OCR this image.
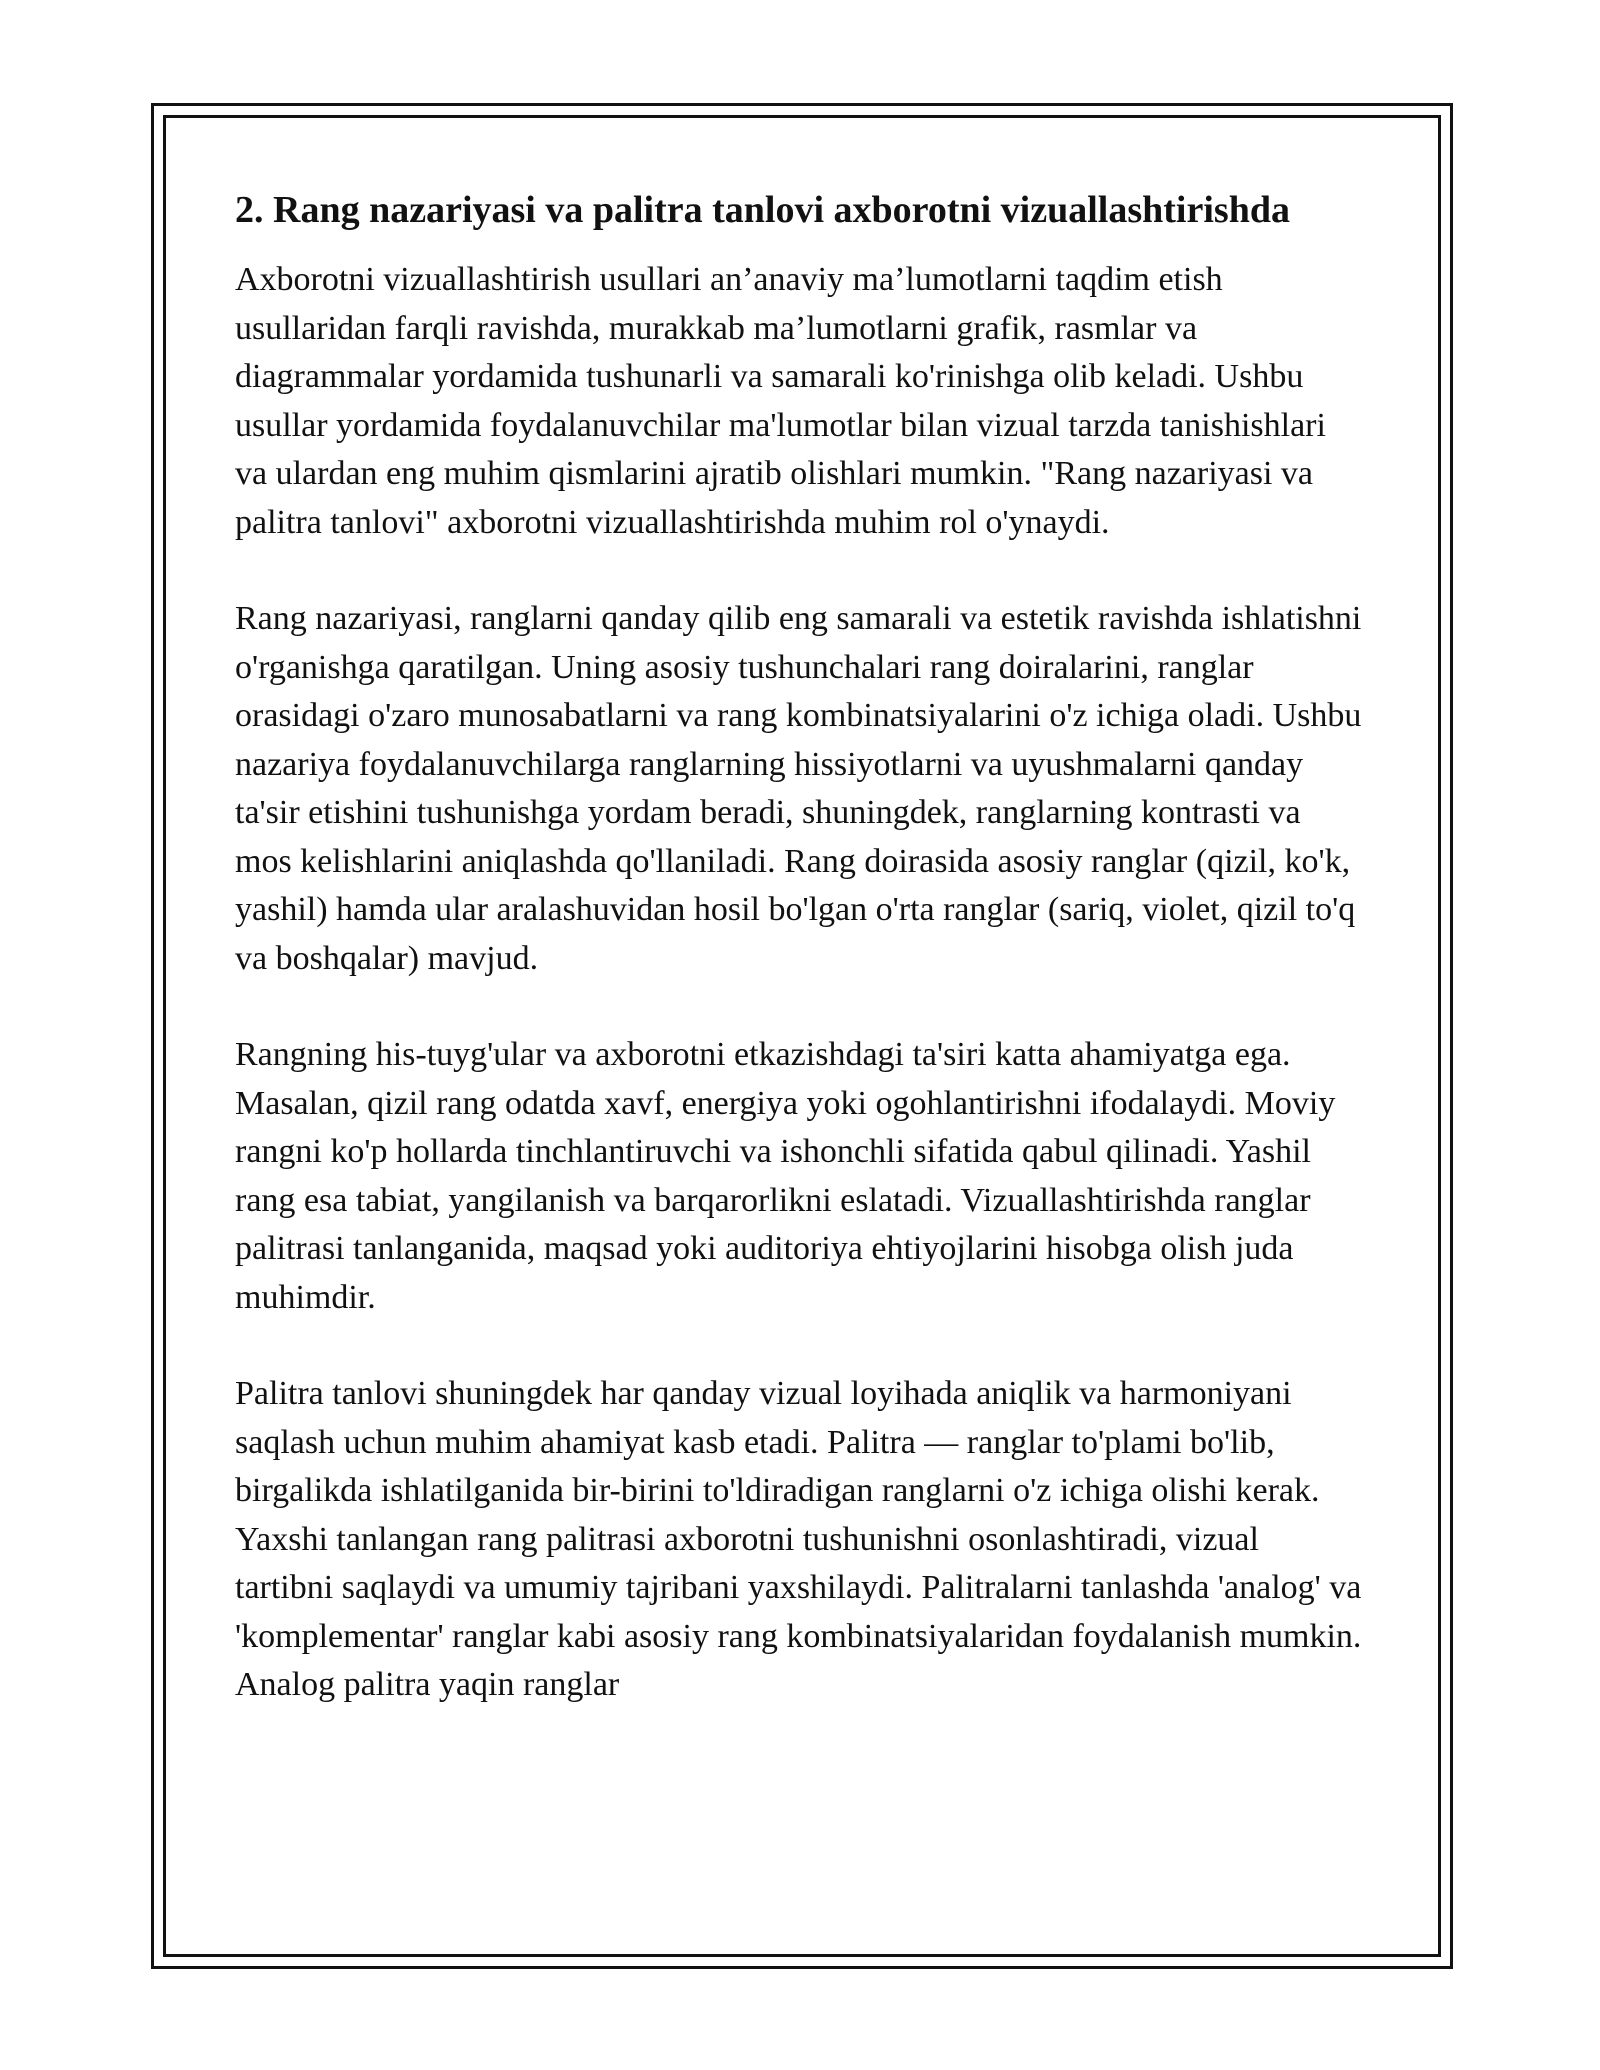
2. Rang nazariyasi va palitra tanlovi axborotni vizuallashtirishda

Axborotni vizuallashtirish usullari an’anaviy ma’lumotlarni taqdim etish usullaridan farqli ravishda, murakkab ma’lumotlarni grafik, rasmlar va diagrammalar yordamida tushunarli va samarali ko'rinishga olib keladi. Ushbu usullar yordamida foydalanuvchilar ma'lumotlar bilan vizual tarzda tanishishlari va ulardan eng muhim qismlarini ajratib olishlari mumkin. "Rang nazariyasi va palitra tanlovi" axborotni vizuallashtirishda muhim rol o'ynaydi.

Rang nazariyasi, ranglarni qanday qilib eng samarali va estetik ravishda ishlatishni o'rganishga qaratilgan. Uning asosiy tushunchalari rang doiralarini, ranglar orasidagi o'zaro munosabatlarni va rang kombinatsiyalarini o'z ichiga oladi. Ushbu nazariya foydalanuvchilarga ranglarning hissiyotlarni va uyushmalarni qanday ta'sir etishini tushunishga yordam beradi, shuningdek, ranglarning kontrasti va mos kelishlarini aniqlashda qo'llaniladi. Rang doirasida asosiy ranglar (qizil, ko'k, yashil) hamda ular aralashuvidan hosil bo'lgan o'rta ranglar (sariq, violet, qizil to'q va boshqalar) mavjud.

Rangning his-tuyg'ular va axborotni etkazishdagi ta'siri katta ahamiyatga ega. Masalan, qizil rang odatda xavf, energiya yoki ogohlantirishni ifodalaydi. Moviy rangni ko'p hollarda tinchlantiruvchi va ishonchli sifatida qabul qilinadi. Yashil rang esa tabiat, yangilanish va barqarorlikni eslatadi. Vizuallashtirishda ranglar palitrasi tanlanganida, maqsad yoki auditoriya ehtiyojlarini hisobga olish juda muhimdir.

Palitra tanlovi shuningdek har qanday vizual loyihada aniqlik va harmoniyani saqlash uchun muhim ahamiyat kasb etadi. Palitra — ranglar to'plami bo'lib, birgalikda ishlatilganida bir-birini to'ldiradigan ranglarni o'z ichiga olishi kerak. Yaxshi tanlangan rang palitrasi axborotni tushunishni osonlashtiradi, vizual tartibni saqlaydi va umumiy tajribani yaxshilaydi. Palitralarni tanlashda 'analog' va 'komplementar' ranglar kabi asosiy rang kombinatsiyalaridan foydalanish mumkin. Analog palitra yaqin ranglar
